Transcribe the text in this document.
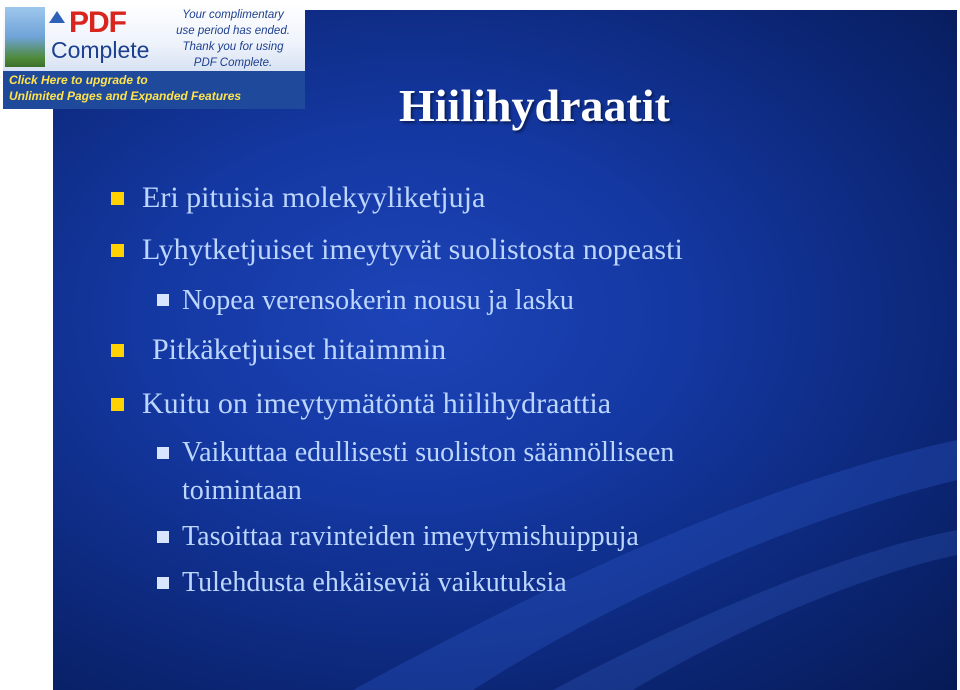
Hiilihydraatit
PDF
Complete
Your complimentary
use period has ended.
Thank you for using
PDF Complete.
Click Here to upgrade to
Unlimited Pages and Expanded Features
Eri pituisia molekyyliketjuja
Lyhytketjuiset imeytyvät suolistosta nopeasti
Nopea verensokerin nousu ja lasku
Pitkäketjuiset hitaimmin
Kuitu on imeytymätöntä hiilihydraattia
Vaikuttaa edullisesti suoliston säännölliseen
toimintaan
Tasoittaa ravinteiden imeytymishuippuja
Tulehdusta ehkäiseviä vaikutuksia
